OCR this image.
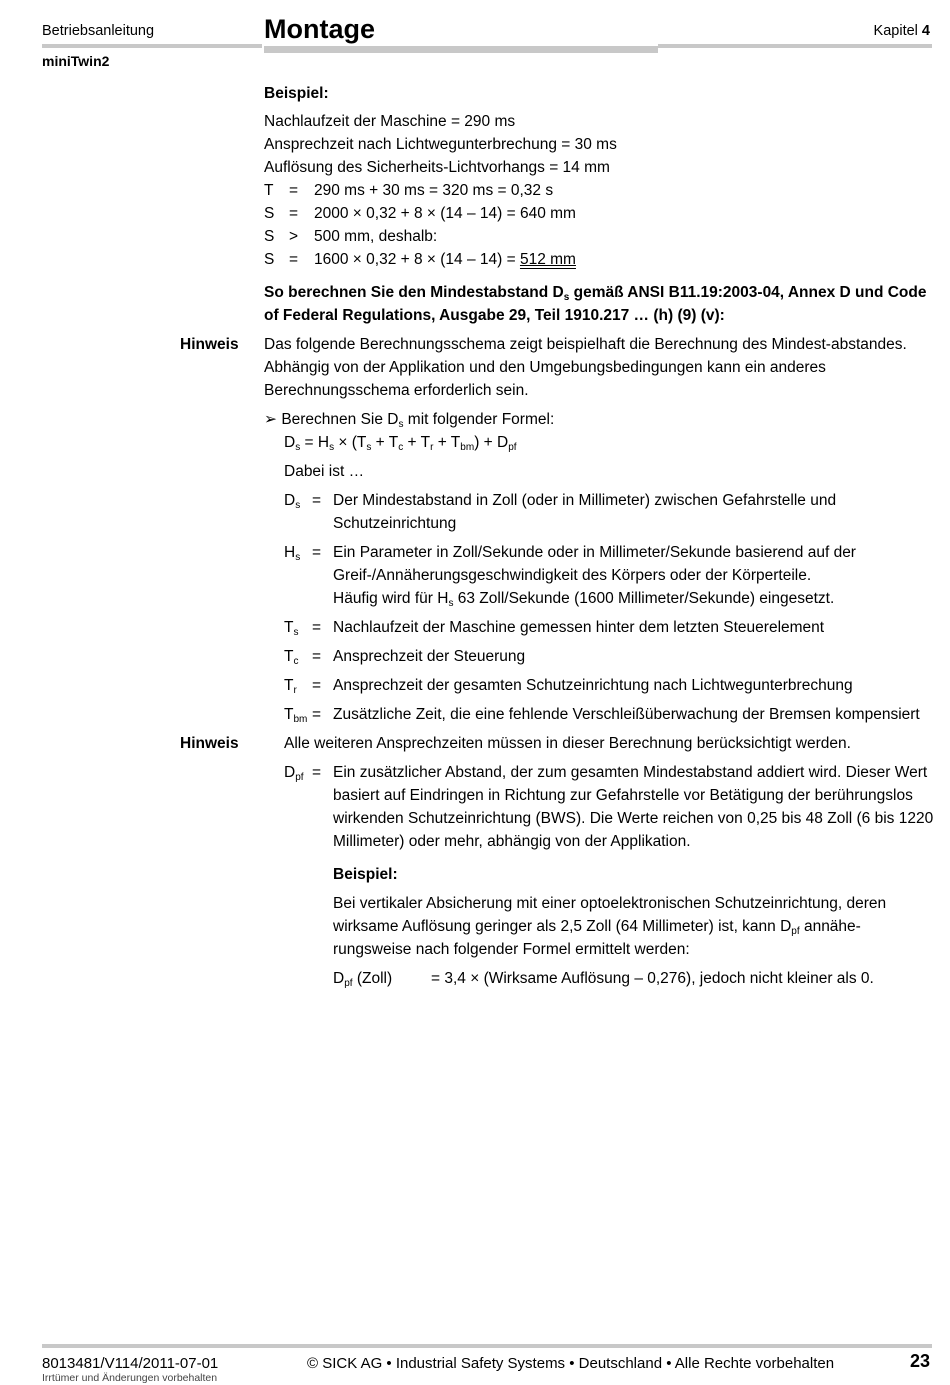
Betriebsanleitung
miniTwin2
Montage	Kapitel 4
Beispiel:
Nachlaufzeit der Maschine = 290 ms
Ansprechzeit nach Lichtwegunterbrechung = 30 ms
Auflösung des Sicherheits-Lichtvorhangs = 14 mm
T	=	290 ms + 30 ms = 320 ms = 0,32 s
S =	2000 × 0,32 + 8 × (14 – 14) = 640 mm
S >	500 mm, deshalb:
S =	1600 × 0,32 + 8 × (14 – 14) = 512 mm
So berechnen Sie den Mindestabstand $D_s$ gemäß ANSI B11.19:2003-04, Annex D und Code of Federal Regulations, Ausgabe 29, Teil 1910.217 … (h) (9) (v):
Hinweis Das folgende Berechnungsschema zeigt beispielhaft die Berechnung des Mindest-abstandes. Abhängig von der Applikation und den Umgebungsbedingungen kann ein anderes Berechnungsschema erforderlich sein.
➢ Berechnen Sie $D_s$ mit folgender Formel:
$D_s = H_s \times (T_s + T_c + T_r + T_{bm}) + D_{pf}$
Dabei ist …
$D_s$ = Der Mindestabstand in Zoll (oder in Millimeter) zwischen Gefahrstelle und Schutzeinrichtung
$H_s$ = Ein Parameter in Zoll/Sekunde oder in Millimeter/Sekunde basierend auf der Greif-/Annäherungsgeschwindigkeit des Körpers oder der Körperteile.
Häufig wird für $H_s$ 63 Zoll/Sekunde (1600 Millimeter/Sekunde) eingesetzt.
$T_s$ = Nachlaufzeit der Maschine gemessen hinter dem letzten Steuerelement
$T_c$ = Ansprechzeit der Steuerung
$T_r$ = Ansprechzeit der gesamten Schutzeinrichtung nach Lichtwegunterbrechung
$T_{bm}$ = Zusätzliche Zeit, die eine fehlende Verschleißüberwachung der Bremsen kompensiert
Hinweis	Alle weiteren Ansprechzeiten müssen in dieser Berechnung berücksichtigt werden.
$D_{pf}$ = Ein zusätzlicher Abstand, der zum gesamten Mindestabstand addiert wird. Dieser Wert basiert auf Eindringen in Richtung zur Gefahrstelle vor Betätigung der berührungslos wirkenden Schutzeinrichtung (BWS). Die Werte reichen von 0,25 bis 48 Zoll (6 bis 1220 Millimeter) oder mehr, abhängig von der Applikation.
Beispiel:
Bei vertikaler Absicherung mit einer optoelektronischen Schutzeinrichtung, deren wirksame Auflösung geringer als 2,5 Zoll (64 Millimeter) ist, kann $D_{pf}$ annähe-rungsweise nach folgender Formel ermittelt werden:
$D_{pf}$ (Zoll)	= 3,4 × (Wirksame Auflösung – 0,276), jedoch nicht kleiner als 0.
8013481/V114/2011-07-01
Irrtümer und Änderungen vorbehalten
© SICK AG • Industrial Safety Systems • Deutschland • Alle Rechte vorbehalten	23
